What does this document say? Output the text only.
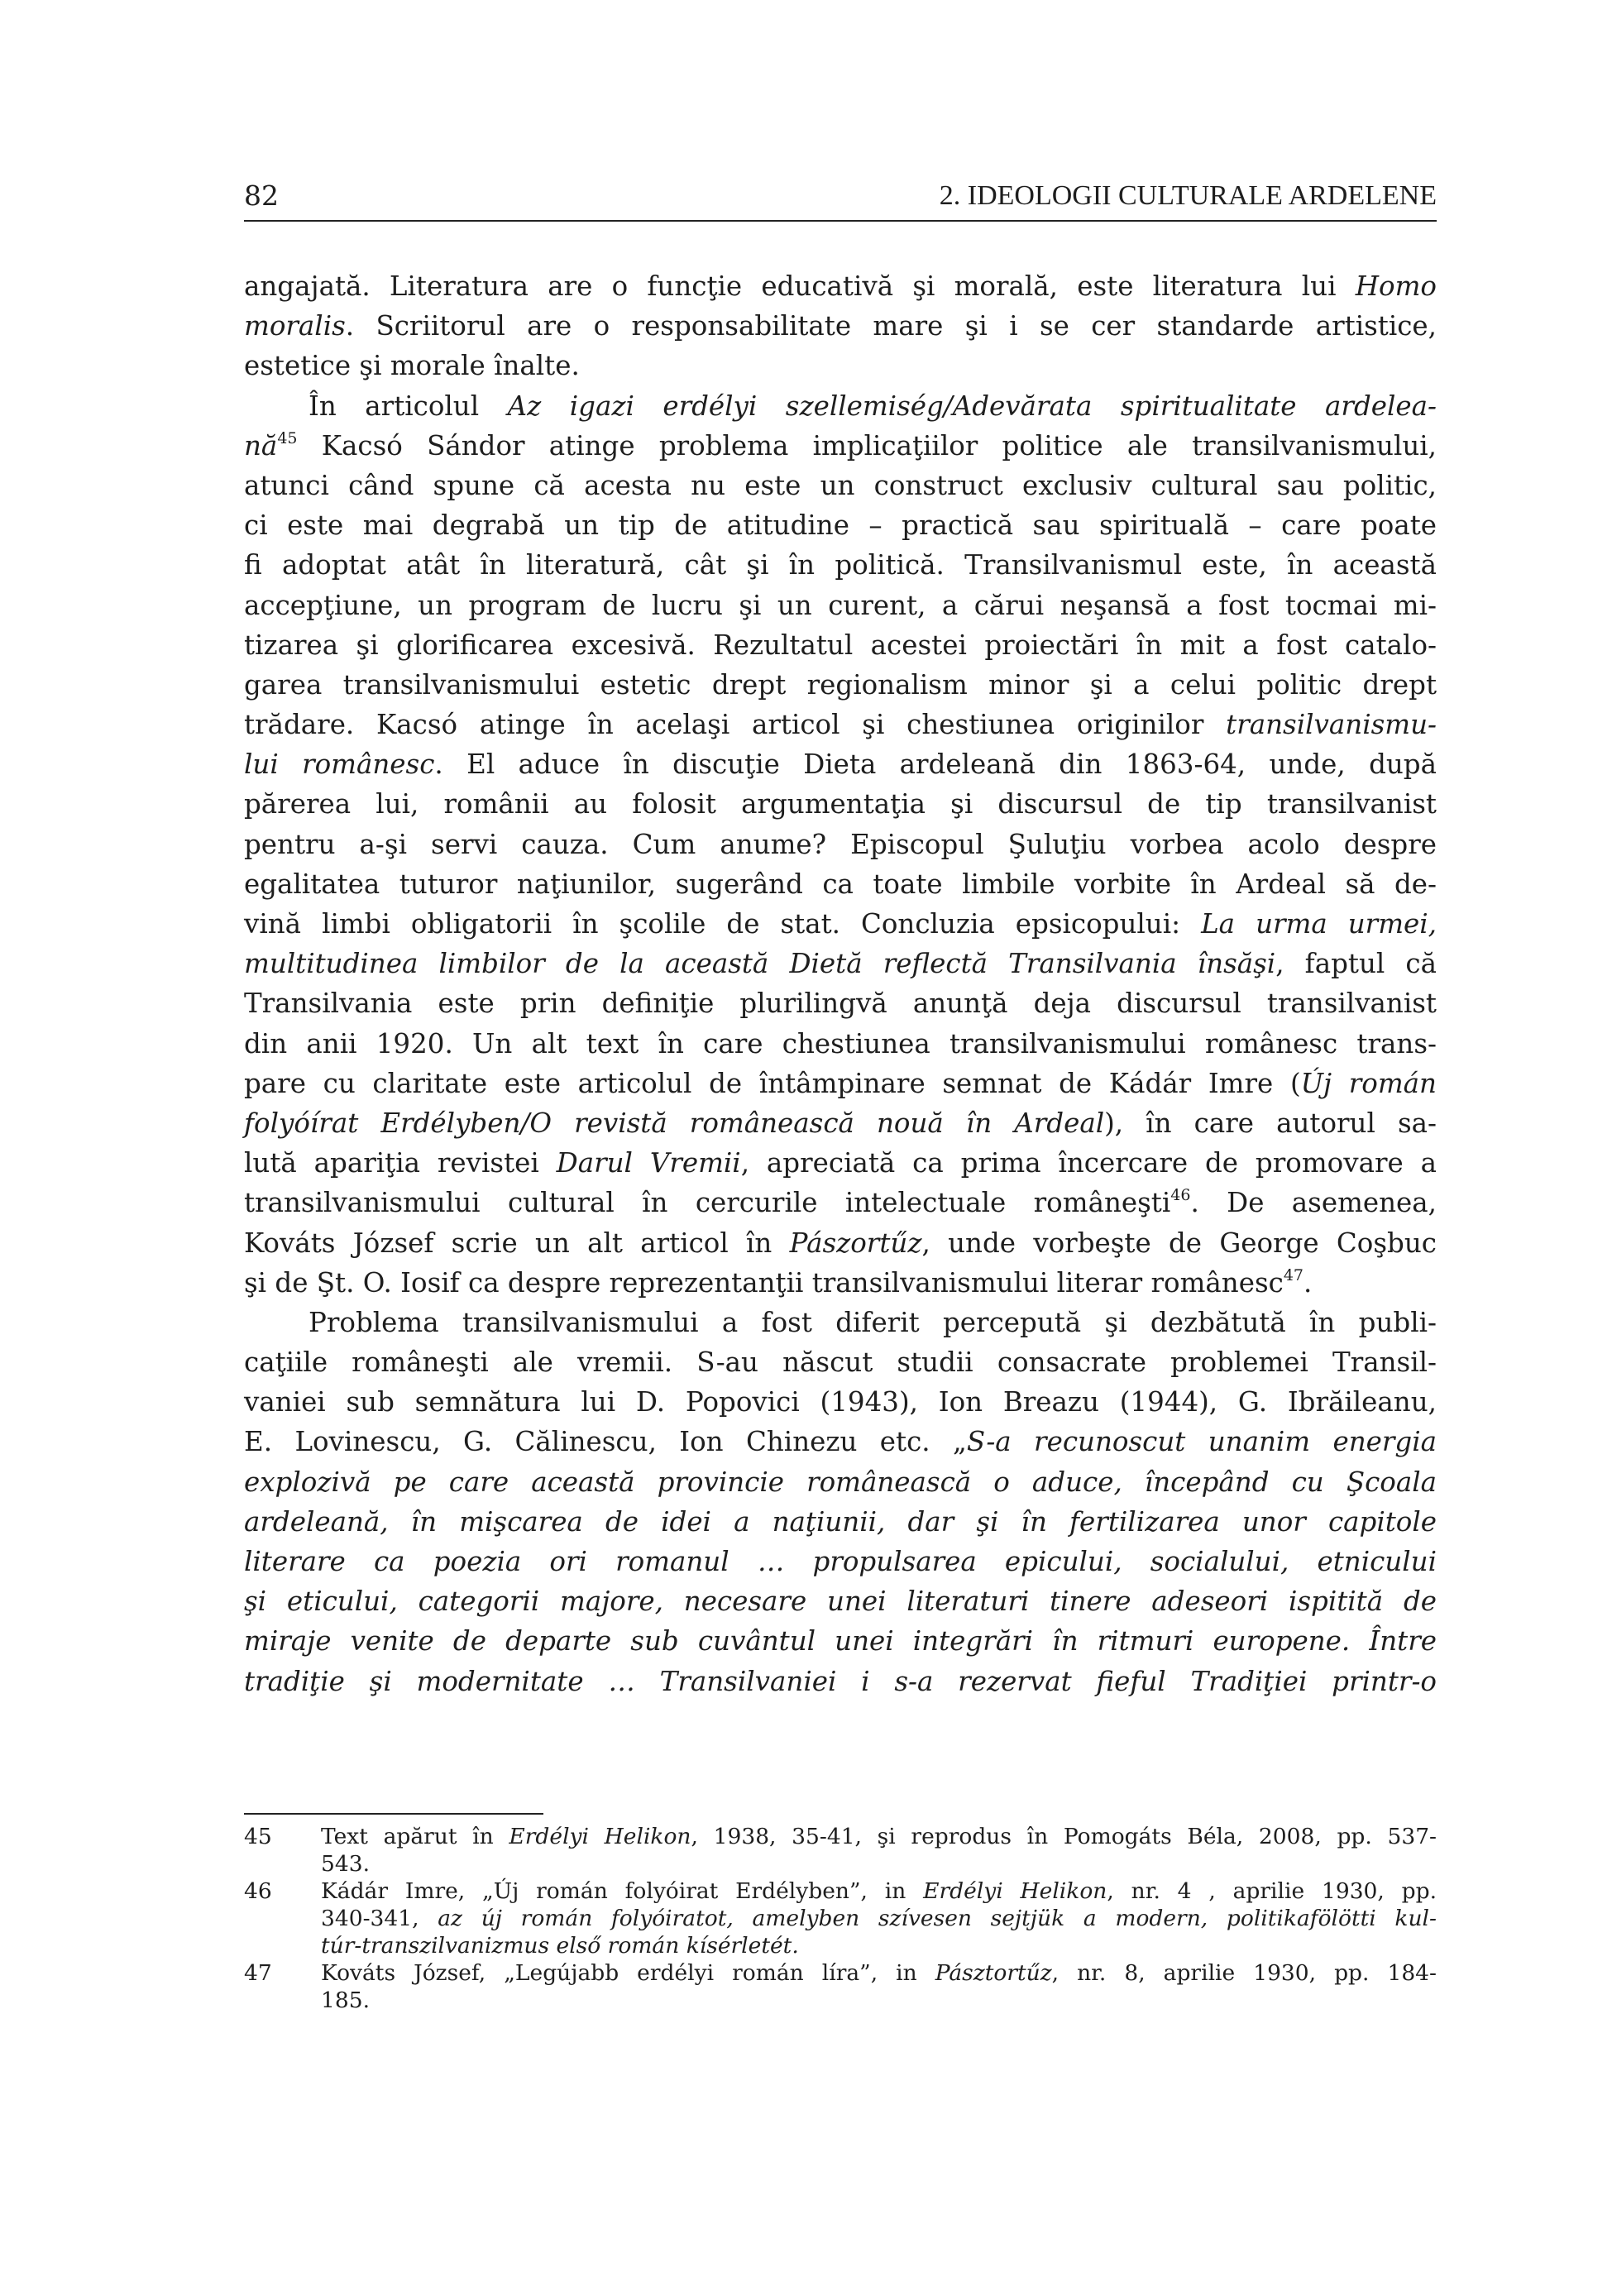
82	2. IDEOLOGII CULTURALE ARDELENE
angajată. Literatura are o funcţie educativă şi morală, este literatura lui Homo
moralis. Scriitorul are o responsabilitate mare şi i se cer standarde artistice,
estetice şi morale înalte.
În articolul Az igazi erdélyi szellemiség/Adevărata spiritualitate ardelea-
$nă^{45}$ Kacsó Sándor atinge problema implicaţiilor politice ale transilvanismului,
atunci când spune că acesta nu este un construct exclusiv cultural sau politic,
ci este mai degrabă un tip de atitudine – practică sau spirituală – care poate
fi adoptat atât în literatură, cât şi în politică. Transilvanismul este, în această
accepţiune, un program de lucru şi un curent, a cărui neşansă a fost tocmai mi-
tizarea şi glorificarea excesivă. Rezultatul acestei proiectări în mit a fost catalo-
garea transilvanismului estetic drept regionalism minor şi a celui politic drept
trădare. Kacsó atinge în acelaşi articol şi chestiunea originilor transilvanismu-
lui românesc. El aduce în discuţie Dieta ardeleană din 1863-64, unde, după
părerea lui, românii au folosit argumentaţia şi discursul de tip transilvanist
pentru a-şi servi cauza. Cum anume? Episcopul Şuluţiu vorbea acolo despre
egalitatea tuturor naţiunilor, sugerând ca toate limbile vorbite în Ardeal să de-
vină limbi obligatorii în şcolile de stat. Concluzia epsicopului: La urma urmei,
multitudinea limbilor de la această Dietă reflectă Transilvania însăşi, faptul că
Transilvania este prin definiţie plurilingvă anunţă deja discursul transilvanist
din anii 1920. Un alt text în care chestiunea transilvanismului românesc trans-
pare cu claritate este articolul de întâmpinare semnat de Kádár Imre (Új román
folyóírat Erdélyben/O revistă românească nouă în Ardeal), în care autorul sa-
lută apariţia revistei Darul Vremii, apreciată ca prima încercare de promovare a
transilvanismului cultural în cercurile intelectuale româneşti$^{46}$. De asemenea,
Kováts József scrie un alt articol în Pászortűz, unde vorbeşte de George Coşbuc
şi de Şt. O. Iosif ca despre reprezentanţii transilvanismului literar românesc$^{47}$.
Problema transilvanismului a fost diferit percepută şi dezbătută în publi-
caţiile româneşti ale vremii. S-au născut studii consacrate problemei Transil-
vaniei sub semnătura lui D. Popovici (1943), Ion Breazu (1944), G. Ibrăileanu,
E. Lovinescu, G. Călinescu, Ion Chinezu etc. „S-a recunoscut unanim energia
explozivă pe care această provincie românească o aduce, începând cu Şcoala
ardeleană, în mişcarea de idei a naţiunii, dar şi în fertilizarea unor capitole
literare ca poezia ori romanul … propulsarea epicului, socialului, etnicului
şi eticului, categorii majore, necesare unei literaturi tinere adeseori ispitită de
miraje venite de departe sub cuvântul unei integrări în ritmuri europene. Între
tradiţie şi modernitate … Transilvaniei i s-a rezervat fieful Tradiţiei printr-o
45	Text apărut în Erdélyi Helikon, 1938, 35-41, şi reprodus în Pomogáts Béla, 2008, pp. 537-
543.
46	Kádár Imre, „Új román folyóirat Erdélyben”, in Erdélyi Helikon, nr. 4 , aprilie 1930, pp.
340-341, az új román folyóiratot, amelyben szívesen sejtjük a modern, politikafölötti kul-
túr-transzilvanizmus első román kísérletét.
47	Kováts József, „Legújabb erdélyi román líra”, in Pásztortűz, nr. 8, aprilie 1930, pp. 184-
185.
